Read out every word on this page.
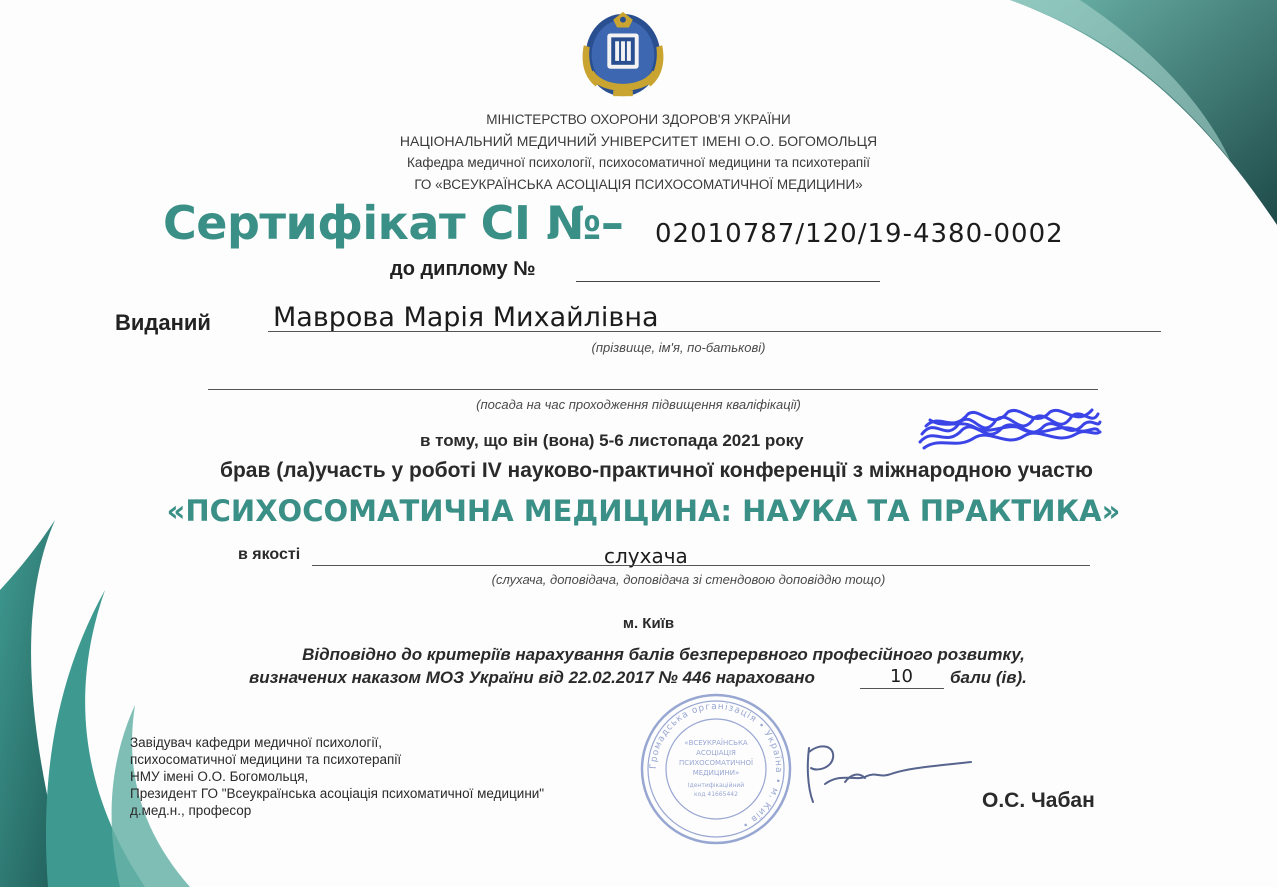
МІНІСТЕРСТВО ОХОРОНИ ЗДОРОВ'Я УКРАЇНИ
НАЦІОНАЛЬНИЙ МЕДИЧНИЙ УНІВЕРСИТЕТ ІМЕНІ О.О. БОГОМОЛЬЦЯ
Кафедра медичної психології, психосоматичної медицини та психотерапії
ГО «ВСЕУКРАЇНСЬКА АСОЦІАЦІЯ ПСИХОСОМАТИЧНОЇ МЕДИЦИНИ»
Сертифікат CI №– 02010787/120/19-4380-0002
до диплому №
Виданий Маврова Марія Михайлівна
(прізвище, ім'я, по-батькові)
(посада на час проходження підвищення кваліфікації)
в тому, що він (вона) 5-6 листопада 2021 року
брав (ла)участь у роботі IV науково-практичної конференції з міжнародною участю
«ПСИХОСОМАТИЧНА МЕДИЦИНА: НАУКА ТА ПРАКТИКА»
в якості	слухача
(слухача, доповідача, доповідача зі стендовою доповіддю тощо)
м. Київ
Відповідно до критеріїв нарахування балів безперервного професійного розвитку,
визначених наказом МОЗ України від 22.02.2017 № 446 нараховано	10 бали (ів).
Завідувач кафедри медичної психології,
психосоматичної медицини та психотерапії
НМУ імені О.О. Богомольця,
Президент ГО "Всеукраїнська асоціація психоматичної медицини"
д.мед.н., професор
Громадська організація • Україна • м. Київ •
«ВСЕУКРАЇНСЬКА
АСОЦІАЦІЯ
ПСИХОСОМАТИЧНОЇ
МЕДИЦИНИ»
Ідентифікаційний
код 41665442	О.С. Чабан
